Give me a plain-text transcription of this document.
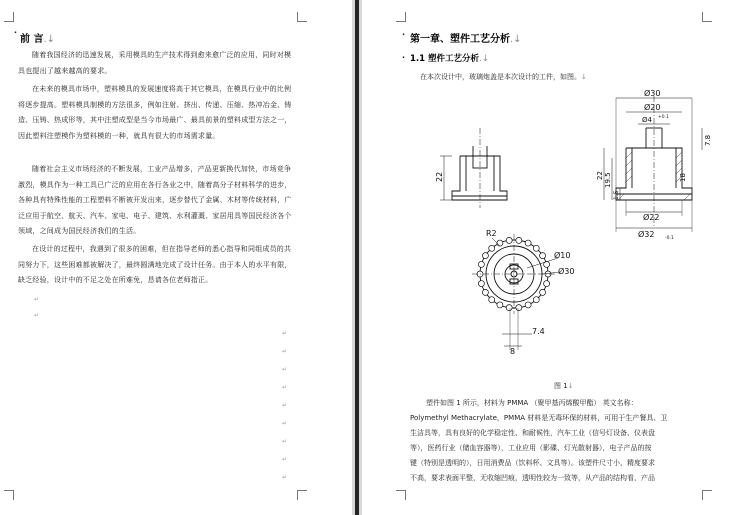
·
前 言.↓

随着我国经济的迅速发展，采用模具的生产技术得到愈来愈广泛的应用，同时对模具也提出了越来越高的要求。

在未来的模具市场中，塑料模具的发展速度将高于其它模具，在模具行业中的比例将逐步提高。塑料模具制模的方法很多，例如注射、挤出、传递、压缩、热冲冶金、铸造、压铸、热成形等，其中注塑成型是当今市场最广、最具前景的塑料成型方法之一，因此塑料注塑模作为塑料模的一种，就具有很大的市场需求量。

随着社会主义市场经济的不断发展，工业产品增多，产品更新换代加快，市场竞争激烈，模具作为一种工具已广泛的应用在各行各业之中，随着高分子材料科学的进步，各种具有特殊性能的工程塑料不断被开发出来，逐步替代了金属、木材等传统材料，广泛应用于航空、航天、汽车、家电、电子、建筑、水利灌溉、家居用具等国民经济各个领域，之间成为国民经济我们的生活。

在设计的过程中，我遇到了很多的困难，但在指导老师的悉心指导和同组成员的共同努力下，这些困难都被解决了，最终圆满地完成了设计任务。由于本人的水平有限，缺乏经验，设计中的不足之处在所难免，恳请各位老师指正。

↵
↵
· 第一章、塑件工艺分析.↓
· 1.1 塑件工艺分析.↓
在本次设计中，玻璃炮盖是本次设计的工件，如图。↓
22
Ø30
Ø20
Ø4 +0.1
Ø22
Ø32 -0.1
22 19.5	18
7.8
1.5
R2
Ø10
Ø30
7.4
8
图 1↓
塑件如图 1 所示，材料为 PMMA （聚甲基丙烯酸甲酯） 英文名称：
Polymethyl Methacrylate，PMMA 材料是无毒环保的材料，可用于生产餐具、卫
生洁具等，具有良好的化学稳定性、和耐候性，汽车工业（信号灯设备、仪表盘
等），医药行业（储血容器等），工业应用（影碟、灯光散射器），电子产品的按
键（特别是透明的），日用消费品（饮料杯、文具等）。该塑件尺寸小，精度要求
不高，要求表面平整，无收缩凹痕，透明性较为一致等，从产品的结构看，产品
↵
↵
↵
↵
↵
↵
↵
↵
↵
